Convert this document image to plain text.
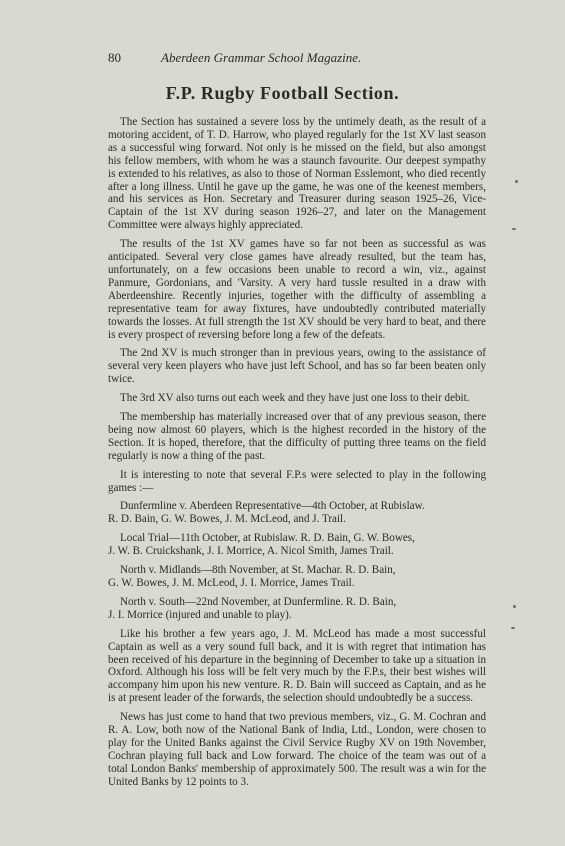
80	Aberdeen Grammar School Magazine.
F.P. Rugby Football Section.

The Section has sustained a severe loss by the untimely death, as the result of a motoring accident, of T. D. Harrow, who played regularly for the 1st XV last season as a successful wing forward. Not only is he missed on the field, but also amongst his fellow members, with whom he was a staunch favourite. Our deepest sympathy is extended to his relatives, as also to those of Norman Esslemont, who died recently after a long illness. Until he gave up the game, he was one of the keenest members, and his services as Hon. Secretary and Treasurer during season 1925–26, Vice-Captain of the 1st XV during season 1926–27, and later on the Management Committee were always highly appreciated.

The results of the 1st XV games have so far not been as successful as was anticipated. Several very close games have already resulted, but the team has, unfortunately, on a few occasions been unable to record a win, viz., against Panmure, Gordonians, and 'Varsity. A very hard tussle resulted in a draw with Aberdeenshire. Recently injuries, together with the difficulty of assembling a representative team for away fixtures, have undoubtedly contributed materially towards the losses. At full strength the 1st XV should be very hard to beat, and there is every prospect of reversing before long a few of the defeats.

The 2nd XV is much stronger than in previous years, owing to the assistance of several very keen players who have just left School, and has so far been beaten only twice.

The 3rd XV also turns out each week and they have just one loss to their debit.

The membership has materially increased over that of any previous season, there being now almost 60 players, which is the highest recorded in the history of the Section. It is hoped, therefore, that the difficulty of putting three teams on the field regularly is now a thing of the past.

It is interesting to note that several F.P.s were selected to play in the following games :—

Dunfermline v. Aberdeen Representative—4th October, at Rubislaw.

R. D. Bain, G. W. Bowes, J. M. McLeod, and J. Trail.

Local Trial—11th October, at Rubislaw. R. D. Bain, G. W. Bowes,

J. W. B. Cruickshank, J. I. Morrice, A. Nicol Smith, James Trail.

North v. Midlands—8th November, at St. Machar. R. D. Bain,

G. W. Bowes, J. M. McLeod, J. I. Morrice, James Trail.

North v. South—22nd November, at Dunfermline. R. D. Bain,

J. I. Morrice (injured and unable to play).

Like his brother a few years ago, J. M. McLeod has made a most successful Captain as well as a very sound full back, and it is with regret that intimation has been received of his departure in the beginning of December to take up a situation in Oxford. Although his loss will be felt very much by the F.P.s, their best wishes will accompany him upon his new venture. R. D. Bain will succeed as Captain, and as he is at present leader of the forwards, the selection should undoubtedly be a success.

News has just come to hand that two previous members, viz., G. M. Cochran and R. A. Low, both now of the National Bank of India, Ltd., London, were chosen to play for the United Banks against the Civil Service Rugby XV on 19th November, Cochran playing full back and Low forward. The choice of the team was out of a total London Banks' membership of approximately 500. The result was a win for the United Banks by 12 points to 3.
